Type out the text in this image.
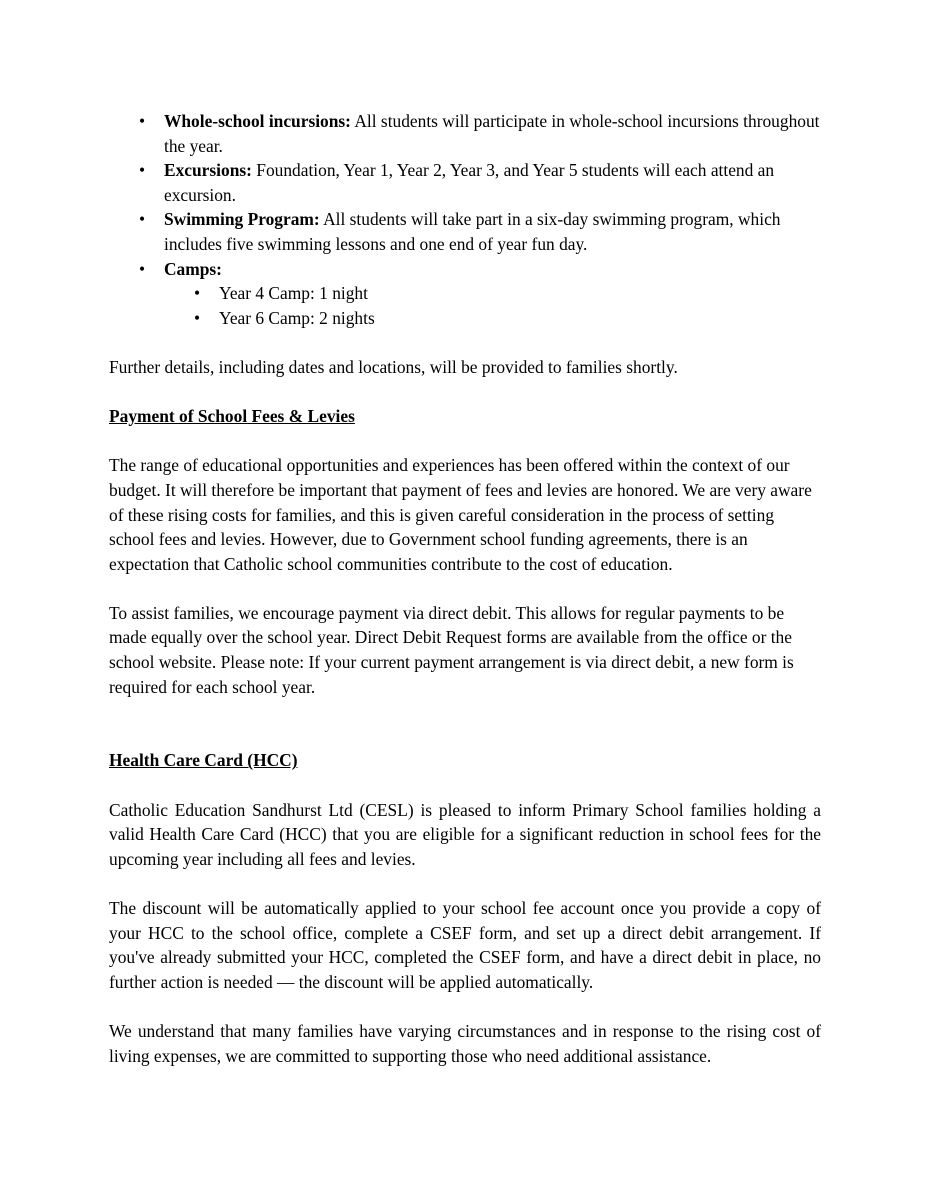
• Whole-school incursions: All students will participate in whole-school incursions throughout the year.
• Excursions: Foundation, Year 1, Year 2, Year 3, and Year 5 students will each attend an excursion.
• Swimming Program: All students will take part in a six-day swimming program, which includes five swimming lessons and one end of year fun day.
• Camps:
• Year 4 Camp: 1 night
• Year 6 Camp: 2 nights

Further details, including dates and locations, will be provided to families shortly.

Payment of School Fees & Levies

The range of educational opportunities and experiences has been offered within the context of our budget. It will therefore be important that payment of fees and levies are honored. We are very aware of these rising costs for families, and this is given careful consideration in the process of setting school fees and levies. However, due to Government school funding agreements, there is an expectation that Catholic school communities contribute to the cost of education.

To assist families, we encourage payment via direct debit. This allows for regular payments to be made equally over the school year. Direct Debit Request forms are available from the office or the school website. Please note: If your current payment arrangement is via direct debit, a new form is required for each school year.

Health Care Card (HCC)

Catholic Education Sandhurst Ltd (CESL) is pleased to inform Primary School families holding a valid Health Care Card (HCC) that you are eligible for a significant reduction in school fees for the upcoming year including all fees and levies.

The discount will be automatically applied to your school fee account once you provide a copy of your HCC to the school office, complete a CSEF form, and set up a direct debit arrangement. If you've already submitted your HCC, completed the CSEF form, and have a direct debit in place, no further action is needed — the discount will be applied automatically.

We understand that many families have varying circumstances and in response to the rising cost of living expenses, we are committed to supporting those who need additional assistance.
